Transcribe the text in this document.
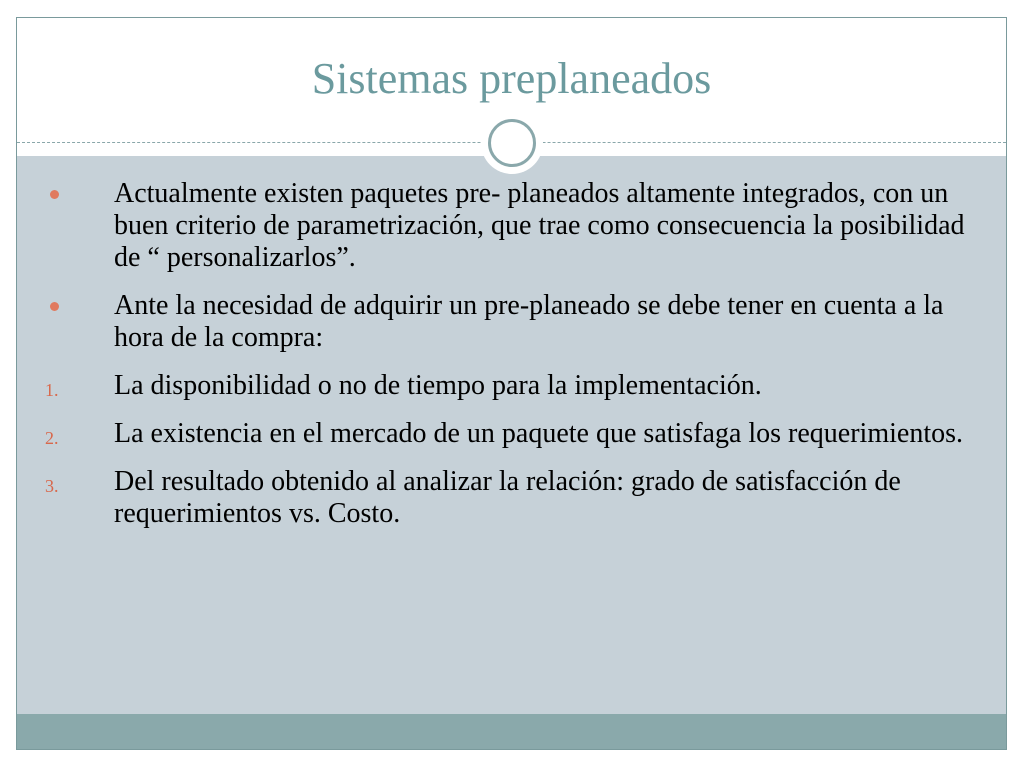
Sistemas preplaneados
Actualmente existen paquetes pre- planeados altamente integrados, con un buen criterio de parametrización, que trae como consecuencia la posibilidad de “ personalizarlos”.
Ante la necesidad de adquirir un pre-planeado se debe tener en cuenta a la hora de la compra:
1. La disponibilidad o no de tiempo para la implementación.
2. La existencia en el mercado de un paquete que satisfaga los requerimientos.
3. Del resultado obtenido al analizar la relación: grado de satisfacción de requerimientos vs. Costo.
